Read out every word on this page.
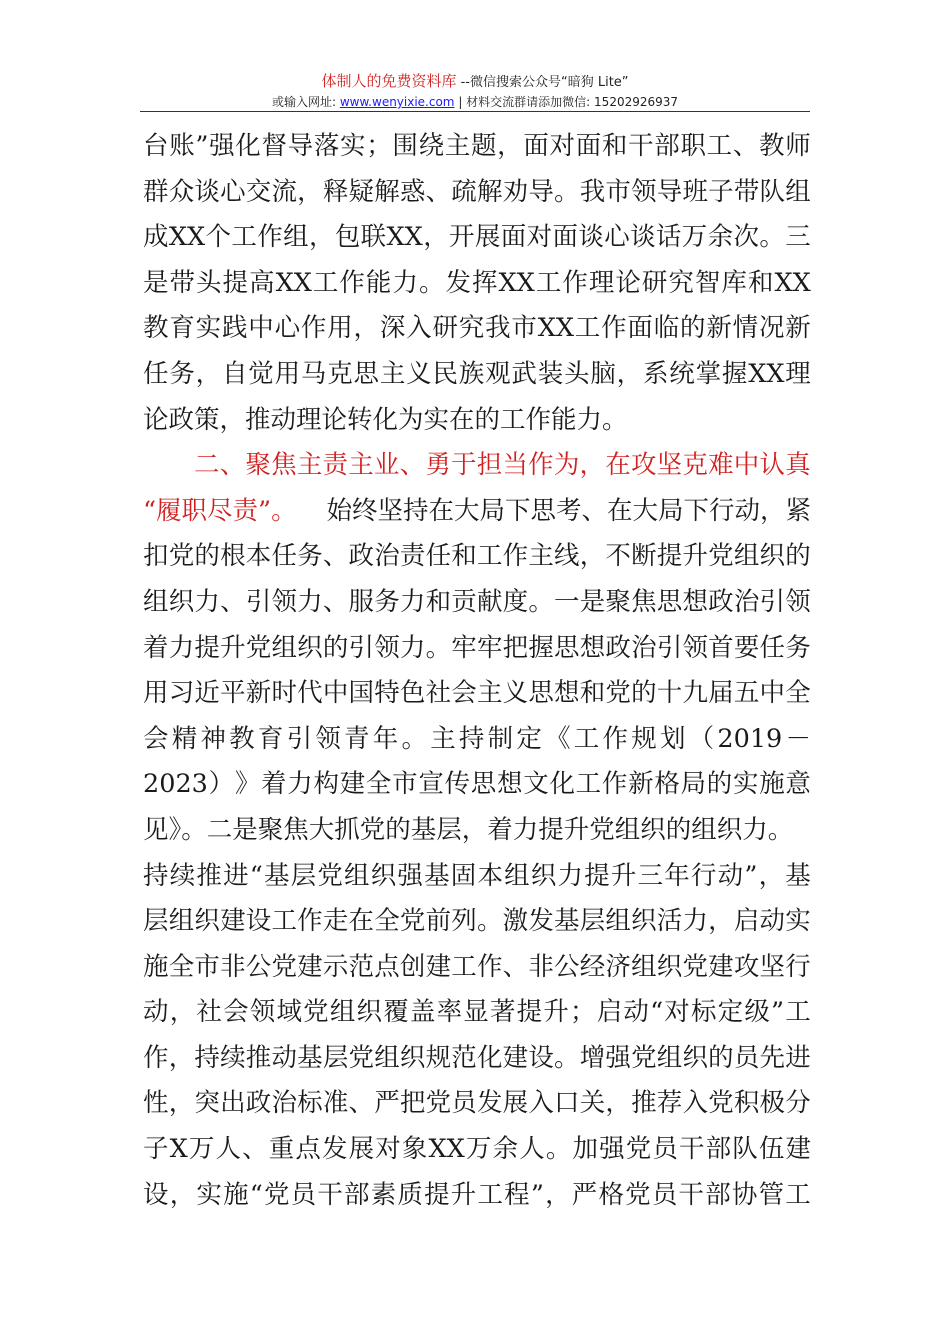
体制人的免费资料库 --微信搜索公众号“暗狗 Lite”
或输入网址: www.wenyixie.com | 材料交流群请添加微信: 15202926937
台 账 ” 强 化 督 导 落 实 ； 围 绕 主 题 ， 面 对 面 和 干 部 职 工 、 教 师
群 众 谈 心 交 流 ， 释 疑 解 惑 、 疏 解 劝 导 。 我 市 领 导 班 子 带 队 组
成 XX 个 工 作 组 ， 包 联 XX ， 开 展 面 对 面 谈 心 谈 话 万 余 次 。 三
是 带 头 提 高 XX 工 作 能 力 。 发 挥 XX 工 作 理 论 研 究 智 库 和 XX
教 育 实 践 中 心 作 用 ， 深 入 研 究 我 市 XX 工 作 面 临 的 新 情 况 新
任 务 ， 自 觉 用 马 克 思 主 义 民 族 观 武 装 头 脑 ， 系 统 掌 握 XX 理
论政策，推动理论转化为实在的工作能力。
二 、 聚 焦 主 责 主 业 、 勇 于 担 当 作 为 ， 在 攻 坚 克 难 中 认 真
“履职尽责”。 始终坚持在大局下思考、在大局下行动，紧
扣 党 的 根 本 任 务 、 政 治 责 任 和 工 作 主 线 ， 不 断 提 升 党 组 织 的
组 织 力 、 引 领 力 、 服 务 力 和 贡 献 度 。 一 是 聚 焦 思 想 政 治 引 领
着 力 提 升 党 组 织 的 引 领 力 。 牢 牢 把 握 思 想 政 治 引 领 首 要 任 务
用 习 近 平 新 时 代 中 国 特 色 社 会 主 义 思 想 和 党 的 十 九 届 五 中 全
会 精 神 教 育 引 领 青 年 。 主 持 制 定 《 工 作 规 划 （ 2019 －
2023 ） 》 着 力 构 建 全 市 宣 传 思 想 文 化 工 作 新 格 局 的 实 施 意
见》。二是聚焦大抓党的基层，着力提升党组织的组织力。
持 续 推 进 “ 基 层 党 组 织 强 基 固 本 组 织 力 提 升 三 年 行 动 ” ， 基
层 组 织 建 设 工 作 走 在 全 党 前 列 。 激 发 基 层 组 织 活 力 ， 启 动 实
施 全 市 非 公 党 建 示 范 点 创 建 工 作 、 非 公 经 济 组 织 党 建 攻 坚 行
动 ， 社 会 领 域 党 组 织 覆 盖 率 显 著 提 升 ； 启 动 “ 对 标 定 级 ” 工
作 ， 持 续 推 动 基 层 党 组 织 规 范 化 建 设 。 增 强 党 组 织 的 员 先 进
性 ， 突 出 政 治 标 准 、 严 把 党 员 发 展 入 口 关 ， 推 荐 入 党 积 极 分
子 X 万 人 、 重 点 发 展 对 象 XX 万 余 人 。 加 强 党 员 干 部 队 伍 建
设 ， 实 施 “ 党 员 干 部 素 质 提 升 工 程 ” ， 严 格 党 员 干 部 协 管 工
